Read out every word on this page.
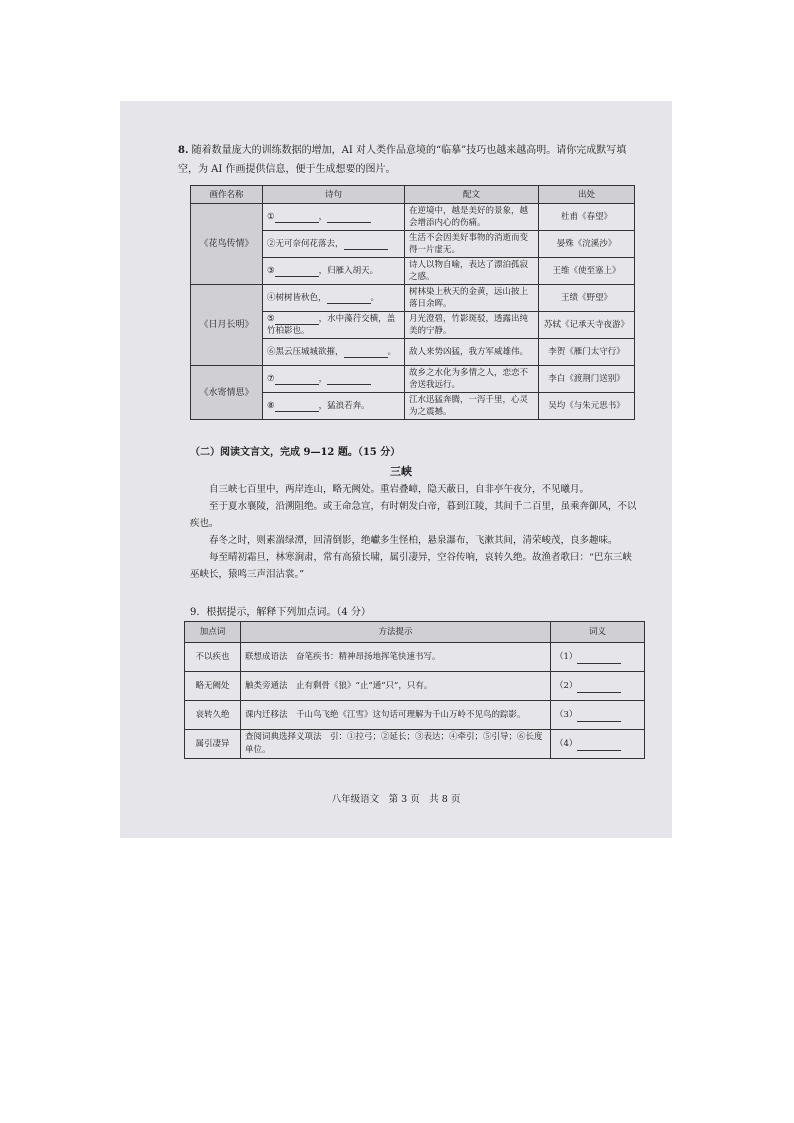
8. 随着数量庞大的训练数据的增加，AI 对人类作品意境的“临摹”技巧也越来越高明。请你完成默写填空，为 AI 作画提供信息，便于生成想要的图片。
画作名称	诗句	配文	出处
《花鸟传情》	① ，	在逆境中，越是美好的景象，越会增添内心的伤痛。	杜甫《春望》
	②无可奈何花落去，	生活不会因美好事物的消逝而变得一片虚无。	晏殊《浣溪沙》
	③ ，归雁入胡天。	诗人以物自喻，表达了漂泊孤寂之感。	王维《使至塞上》
《日月长明》	④树树皆秋色， 。	树林染上秋天的金黄，远山披上落日余晖。	王绩《野望》
	⑤ ，水中藻荇交横，盖竹柏影也。	月光澄碧，竹影斑驳，透露出纯美的宁静。	苏轼《记承天寺夜游》
	⑥黑云压城城欲摧， 。	敌人来势凶猛，我方军威雄伟。	李贺《雁门太守行》
《水寄情思》	⑦ ，	故乡之水化为多情之人，恋恋不舍送我远行。	李白《渡荆门送别》
	⑧ ，猛浪若奔。	江水迅猛奔腾，一泻千里，心灵为之震撼。	吴均《与朱元思书》
（二）阅读文言文，完成 9—12 题。（15 分）
三峡

自三峡七百里中，两岸连山，略无阙处。重岩叠嶂，隐天蔽日，自非亭午夜分，不见曦月。

至于夏水襄陵，沿溯阻绝。或王命急宣，有时朝发白帝，暮到江陵，其间千二百里，虽乘奔御风，不以疾也。

春冬之时，则素湍绿潭，回清倒影，绝巘多生怪柏，悬泉瀑布，飞漱其间，清荣峻茂，良多趣味。

每至晴初霜旦，林寒涧肃，常有高猿长啸，属引凄异，空谷传响，哀转久绝。故渔者歌曰：“巴东三峡巫峡长，猿鸣三声泪沾裳。”

9．根据提示，解释下列加点词。（4 分）
加点词	方法提示	词义
不以疾也	联想成语法　奋笔疾书：精神昂扬地挥笔快速书写。	（1）
略无阙处	触类旁通法　止有剩骨《狼》“止”通“只”，只有。	（2）
哀转久绝	课内迁移法　千山鸟飞绝《江雪》这句话可理解为千山万岭不见鸟的踪影。	（3）
属引凄异	查阅词典选择义项法　引：①拉弓；②延长；③表达；④牵引；⑤引导；⑥长度单位。	（4）
八年级语文　第 3 页　共 8 页
